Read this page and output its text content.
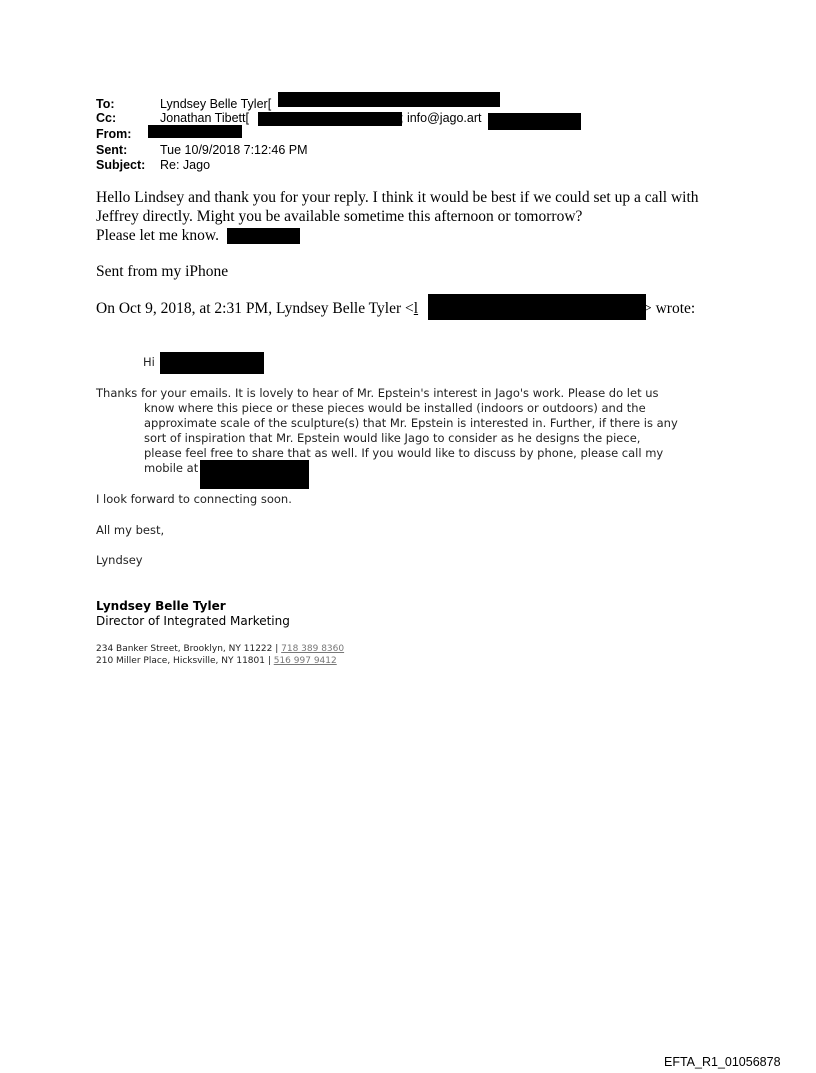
To:	Lyndsey Belle Tyler[
Cc:	Jonathan Tibett[	; info@jago.art
From:
Sent:	Tue 10/9/2018 7:12:46 PM
Subject: Re: Jago
Hello Lindsey and thank you for your reply. I think it would be best if we could set up a call with
Jeffrey directly. Might you be available sometime this afternoon or tomorrow?
Please let me know.
Sent from my iPhone
On Oct 9, 2018, at 2:31 PM, Lyndsey Belle Tyler <l	> wrote:
Hi
Thanks for your emails. It is lovely to hear of Mr. Epstein's interest in Jago's work. Please do let us
know where this piece or these pieces would be installed (indoors or outdoors) and the
approximate scale of the sculpture(s) that Mr. Epstein is interested in. Further, if there is any
sort of inspiration that Mr. Epstein would like Jago to consider as he designs the piece,
please feel free to share that as well. If you would like to discuss by phone, please call my
mobile at
I look forward to connecting soon.
All my best,
Lyndsey
Lyndsey Belle Tyler
Director of Integrated Marketing
234 Banker Street, Brooklyn, NY 11222 | 718 389 8360
210 Miller Place, Hicksville, NY 11801 | 516 997 9412
EFTA_R1_01056878
